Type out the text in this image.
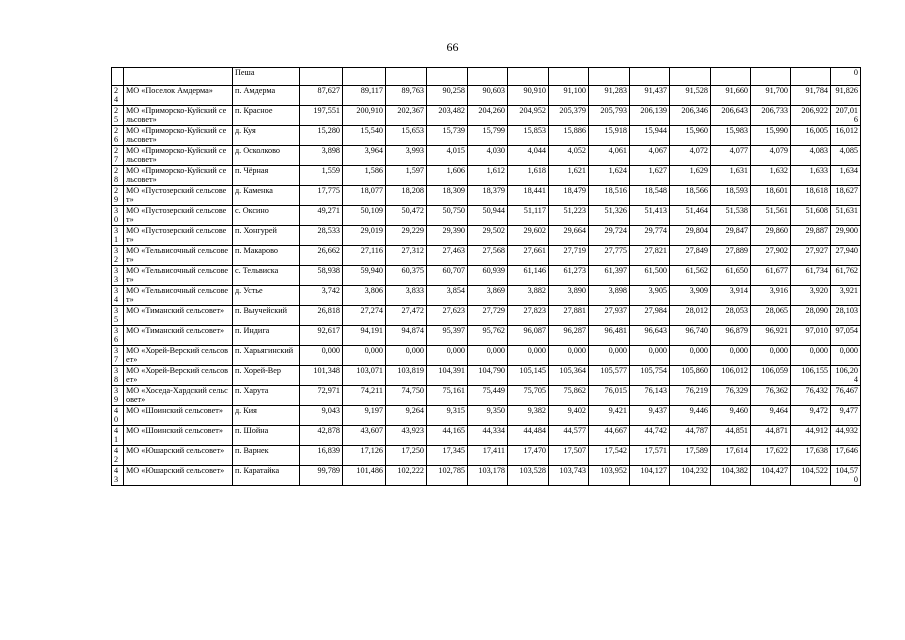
66
		Пеша														0
24	МО «Поселок Амдерма»	п. Амдерма	87,627	89,117	89,763	90,258	90,603	90,910	91,100	91,283	91,437	91,528	91,660	91,700	91,784	91,826
25	МО «Приморско-Куйский сельсовет»	п. Красное	197,551	200,910	202,367	203,482	204,260	204,952	205,379	205,793	206,139	206,346	206,643	206,733	206,922	207,016
26	МО «Приморско-Куйский сельсовет»	д. Куя	15,280	15,540	15,653	15,739	15,799	15,853	15,886	15,918	15,944	15,960	15,983	15,990	16,005	16,012
27	МО «Приморско-Куйский сельсовет»	д. Осколково	3,898	3,964	3,993	4,015	4,030	4,044	4,052	4,061	4,067	4,072	4,077	4,079	4,083	4,085
28	МО «Приморско-Куйский сельсовет»	п. Чёрная	1,559	1,586	1,597	1,606	1,612	1,618	1,621	1,624	1,627	1,629	1,631	1,632	1,633	1,634
29	МО «Пустозерский сельсовет»	д. Каменка	17,775	18,077	18,208	18,309	18,379	18,441	18,479	18,516	18,548	18,566	18,593	18,601	18,618	18,627
30	МО «Пустозерский сельсовет»	с. Оксино	49,271	50,109	50,472	50,750	50,944	51,117	51,223	51,326	51,413	51,464	51,538	51,561	51,608	51,631
31	МО «Пустозерский сельсовет»	п. Хонгурей	28,533	29,019	29,229	29,390	29,502	29,602	29,664	29,724	29,774	29,804	29,847	29,860	29,887	29,900
32	МО «Тельвисочный сельсовет»	п. Макарово	26,662	27,116	27,312	27,463	27,568	27,661	27,719	27,775	27,821	27,849	27,889	27,902	27,927	27,940
33	МО «Тельвисочный сельсовет»	с. Тельвиска	58,938	59,940	60,375	60,707	60,939	61,146	61,273	61,397	61,500	61,562	61,650	61,677	61,734	61,762
34	МО «Тельвисочный сельсовет»	д. Устье	3,742	3,806	3,833	3,854	3,869	3,882	3,890	3,898	3,905	3,909	3,914	3,916	3,920	3,921
35	МО «Тиманский сельсовет»	п. Выучейский	26,818	27,274	27,472	27,623	27,729	27,823	27,881	27,937	27,984	28,012	28,053	28,065	28,090	28,103
36	МО «Тиманский сельсовет»	п. Индига	92,617	94,191	94,874	95,397	95,762	96,087	96,287	96,481	96,643	96,740	96,879	96,921	97,010	97,054
37	МО «Хорей-Верский сельсовет»	п. Харьягинский	0,000	0,000	0,000	0,000	0,000	0,000	0,000	0,000	0,000	0,000	0,000	0,000	0,000	0,000
38	МО «Хорей-Верский сельсовет»	п. Хорей-Вер	101,348	103,071	103,819	104,391	104,790	105,145	105,364	105,577	105,754	105,860	106,012	106,059	106,155	106,204
39	МО «Хоседа-Хардский сельсовет»	п. Харута	72,971	74,211	74,750	75,161	75,449	75,705	75,862	76,015	76,143	76,219	76,329	76,362	76,432	76,467
40	МО «Шоинский сельсовет»	д. Кия	9,043	9,197	9,264	9,315	9,350	9,382	9,402	9,421	9,437	9,446	9,460	9,464	9,472	9,477
41	МО «Шоинский сельсовет»	п. Шойна	42,878	43,607	43,923	44,165	44,334	44,484	44,577	44,667	44,742	44,787	44,851	44,871	44,912	44,932
42	МО «Юшарский сельсовет»	п. Варнек	16,839	17,126	17,250	17,345	17,411	17,470	17,507	17,542	17,571	17,589	17,614	17,622	17,638	17,646
43	МО «Юшарский сельсовет»	п. Каратайка	99,789	101,486	102,222	102,785	103,178	103,528	103,743	103,952	104,127	104,232	104,382	104,427	104,522	104,570
